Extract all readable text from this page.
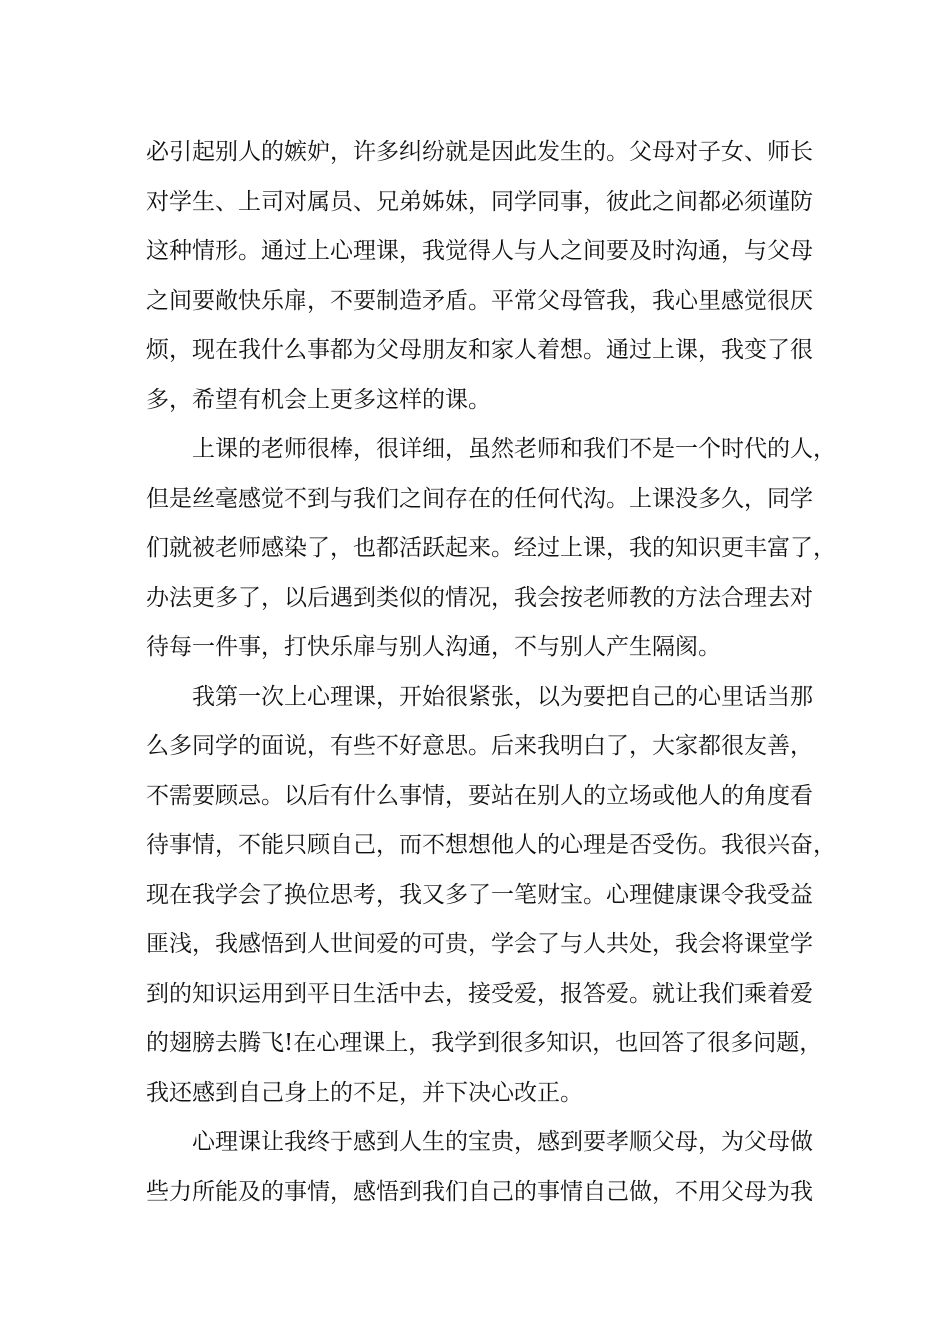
必引起别人的嫉妒，许多纠纷就是因此发生的。父母对子女、师长
对学生、上司对属员、兄弟姊妹，同学同事，彼此之间都必须谨防
这种情形。通过上心理课，我觉得人与人之间要及时沟通，与父母
之间要敞快乐扉，不要制造矛盾。平常父母管我，我心里感觉很厌
烦，现在我什么事都为父母朋友和家人着想。通过上课，我变了很
多，希望有机会上更多这样的课。
上课的老师很棒，很详细，虽然老师和我们不是一个时代的人，
但是丝毫感觉不到与我们之间存在的任何代沟。上课没多久，同学
们就被老师感染了，也都活跃起来。经过上课，我的知识更丰富了，
办法更多了，以后遇到类似的情况，我会按老师教的方法合理去对
待每一件事，打快乐扉与别人沟通，不与别人产生隔阂。
我第一次上心理课，开始很紧张，以为要把自己的心里话当那
么多同学的面说，有些不好意思。后来我明白了，大家都很友善，
不需要顾忌。以后有什么事情，要站在别人的立场或他人的角度看
待事情，不能只顾自己，而不想想他人的心理是否受伤。我很兴奋，
现在我学会了换位思考，我又多了一笔财宝。心理健康课令我受益
匪浅，我感悟到人世间爱的可贵，学会了与人共处，我会将课堂学
到的知识运用到平日生活中去，接受爱，报答爱。就让我们乘着爱
的翅膀去腾飞!在心理课上，我学到很多知识，也回答了很多问题，
我还感到自己身上的不足，并下决心改正。
心理课让我终于感到人生的宝贵，感到要孝顺父母，为父母做
些力所能及的事情，感悟到我们自己的事情自己做，不用父母为我
